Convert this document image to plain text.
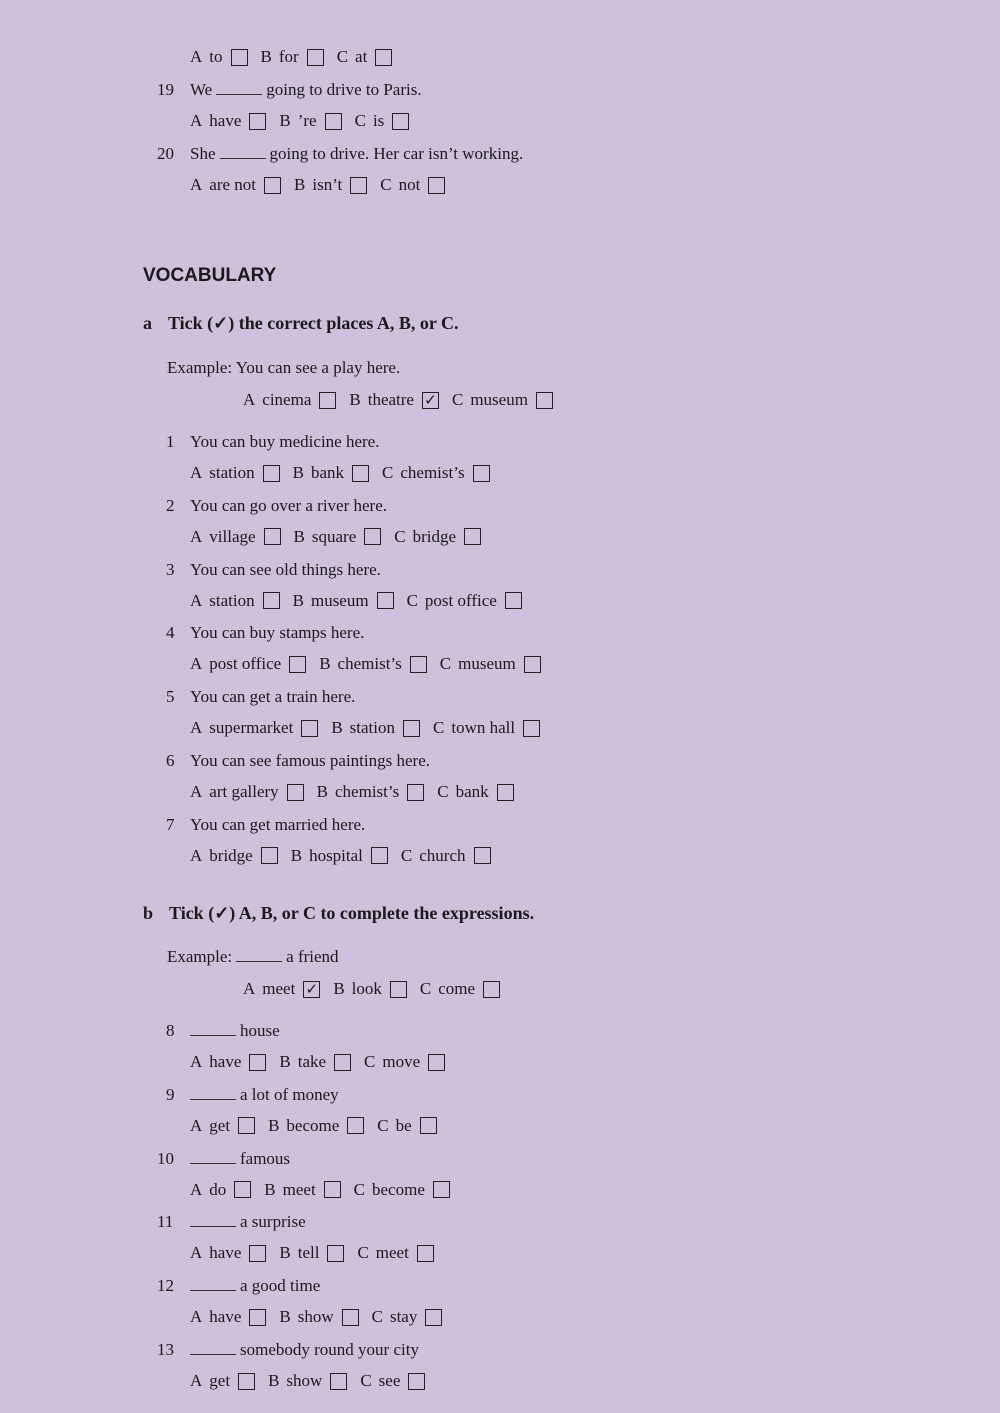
A to B for C at
19 We	going to drive to Paris.
A have B ’re C is
20 She	going to drive. Her car isn’t working.
A are not B isn’t C not
VOCABULARY
a Tick (✓) the correct places A, B, or C.
Example: You can see a play here.
A cinema B theatre ✓ C museum
1 You can buy medicine here.
A station B bank C chemist’s
2 You can go over a river here.
A village B square C bridge
3 You can see old things here.
A station B museum C post office
4 You can buy stamps here.
A post office B chemist’s C museum
5 You can get a train here.
A supermarket B station C town hall
6 You can see famous paintings here.
A art gallery B chemist’s C bank
7 You can get married here.
A bridge B hospital C church
b Tick (✓) A, B, or C to complete the expressions.
Example:	a friend
A meet ✓ B look C come
8	house
A have B take C move
9	a lot of money
A get B become C be
10	famous
A do B meet C become
11	a surprise
A have B tell C meet
12	a good time
A have B show C stay
13	somebody round your city
A get B show C see
